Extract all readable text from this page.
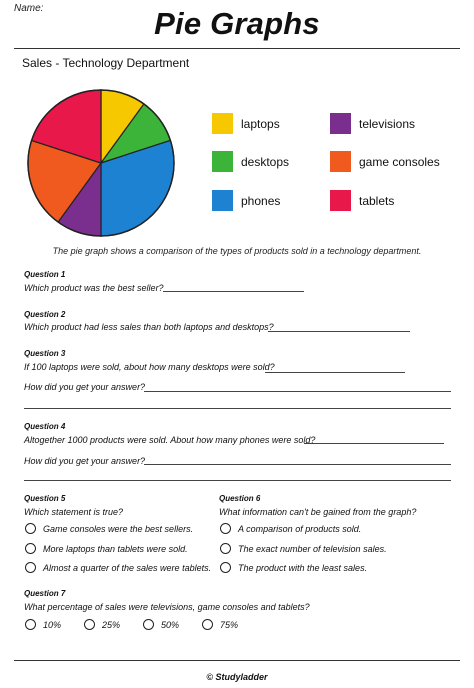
Name:	Pie Graphs
Sales - Technology Department
laptops
desktops
phones
televisions
game consoles
tablets
The pie graph shows a comparison of the types of products sold in a technology department.
Question 1
Which product was the best seller?
Question 2
Which product had less sales than both laptops and desktops?
Question 3
If 100 laptops were sold, about how many desktops were sold?
How did you get your answer?
Question 4
Altogether 1000 products were sold. About how many phones were sold?
How did you get your answer?
Question 5
Which statement is true?
Game consoles were the best sellers.
More laptops than tablets were sold.
Almost a quarter of the sales were tablets.
Question 6
What information can't be gained from the graph?
A comparison of products sold.
The exact number of television sales.
The product with the least sales.
Question 7
What percentage of sales were televisions, game consoles and tablets?
10%	25%	50%	75%
© Studyladder
